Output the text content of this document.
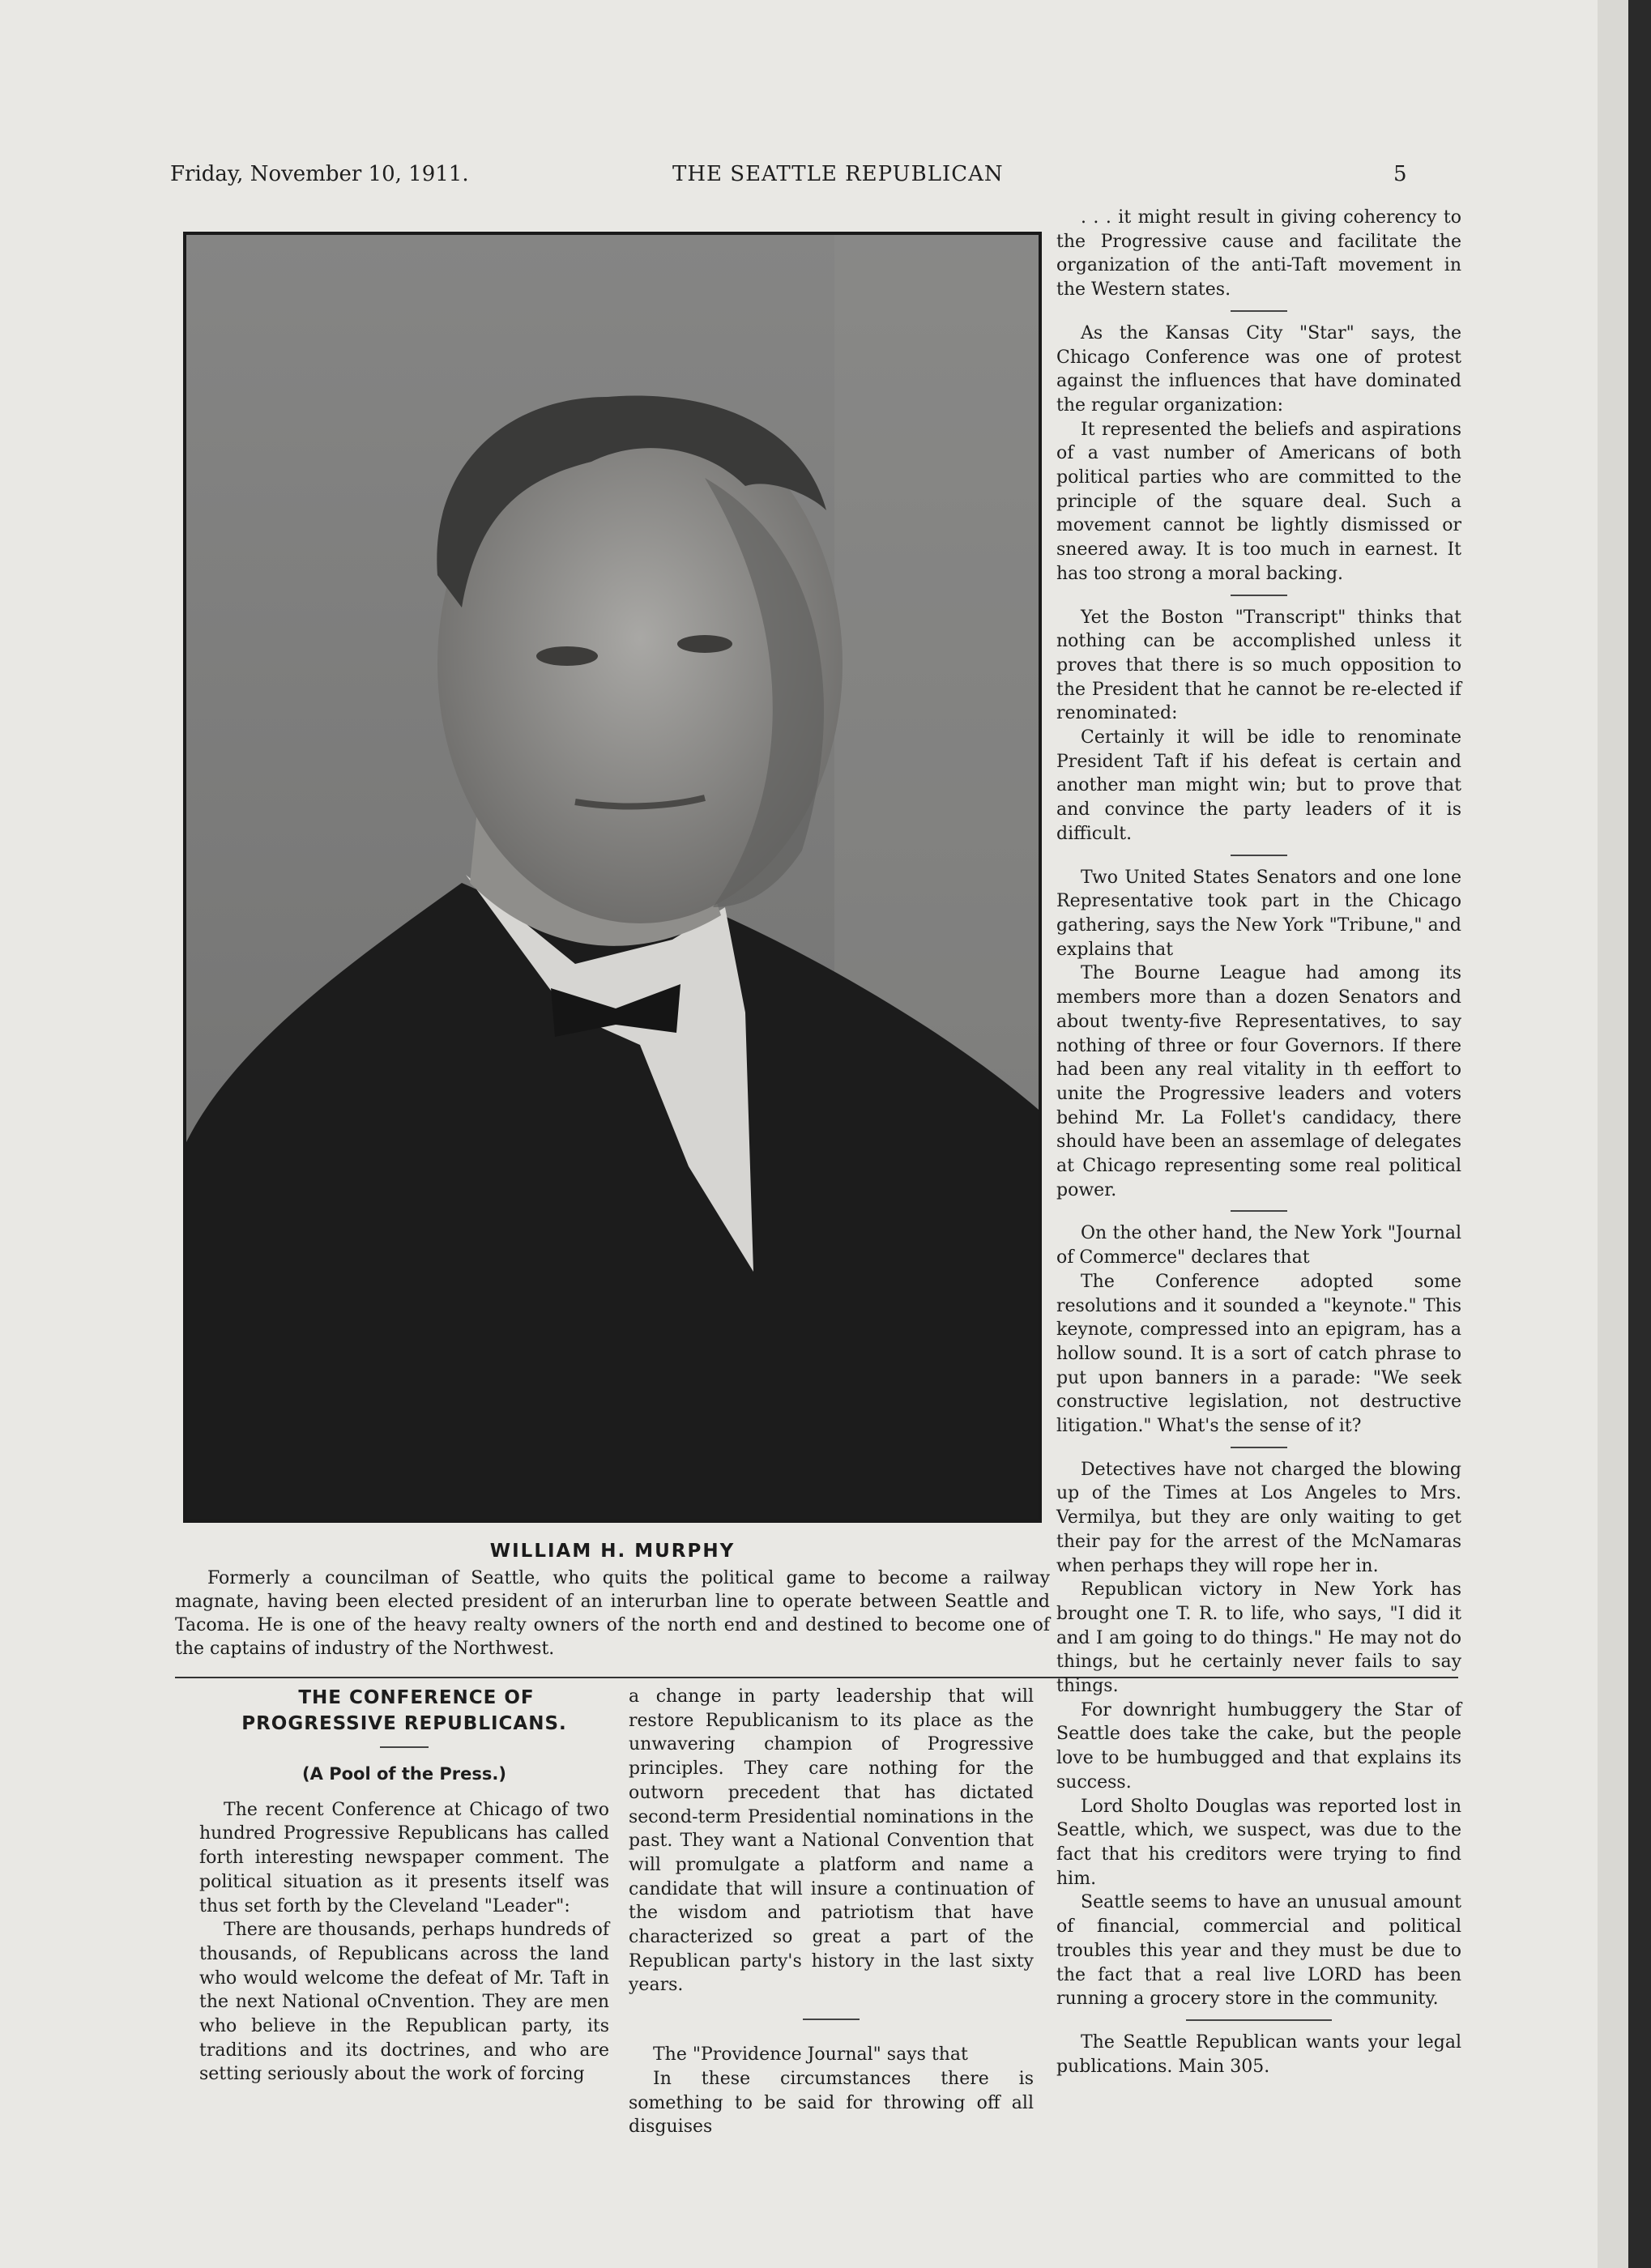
Friday, November 10, 1911.	THE SEATTLE REPUBLICAN	5
WILLIAM H. MURPHY
Formerly a councilman of Seattle, who quits the political game to become a railway magnate, having been elected president of an interurban line to operate between Seattle and Tacoma. He is one of the heavy realty owners of the north end and destined to become one of the captains of industry of the Northwest.

THE CONFERENCE OF PROGRESSIVE REPUBLICANS.

(A Pool of the Press.)

The recent Conference at Chicago of two hundred Progressive Republicans has called forth interesting newspaper comment. The political situation as it presents itself was thus set forth by the Cleveland "Leader":

There are thousands, perhaps hundreds of thousands, of Republicans across the land who would welcome the defeat of Mr. Taft in the next National oCnvention. They are men who believe in the Republican party, its traditions and its doctrines, and who are setting seriously about the work of forcing

a change in party leadership that will restore Republicanism to its place as the unwavering champion of Progressive principles. They care nothing for the outworn precedent that has dictated second-term Presidential nominations in the past. They want a National Convention that will promulgate a platform and name a candidate that will insure a continuation of the wisdom and patriotism that have characterized so great a part of the Republican party's history in the last sixty years.

The "Providence Journal" says that

In these circumstances there is something to be said for throwing off all disguises

. . . it might result in giving coherency to the Progressive cause and facilitate the organization of the anti-Taft movement in the Western states.

As the Kansas City "Star" says, the Chicago Conference was one of protest against the influences that have dominated the regular organization:

It represented the beliefs and aspirations of a vast number of Americans of both political parties who are committed to the principle of the square deal. Such a movement cannot be lightly dismissed or sneered away. It is too much in earnest. It has too strong a moral backing.

Yet the Boston "Transcript" thinks that nothing can be accomplished unless it proves that there is so much opposition to the President that he cannot be re-elected if renominated:

Certainly it will be idle to renominate President Taft if his defeat is certain and another man might win; but to prove that and convince the party leaders of it is difficult.

Two United States Senators and one lone Representative took part in the Chicago gathering, says the New York "Tribune," and explains that

The Bourne League had among its members more than a dozen Senators and about twenty-five Representatives, to say nothing of three or four Governors. If there had been any real vitality in th eeffort to unite the Progressive leaders and voters behind Mr. La Follet's candidacy, there should have been an assemlage of delegates at Chicago representing some real political power.

On the other hand, the New York "Journal of Commerce" declares that

The Conference adopted some resolutions and it sounded a "keynote." This keynote, compressed into an epigram, has a hollow sound. It is a sort of catch phrase to put upon banners in a parade: "We seek constructive legislation, not destructive litigation." What's the sense of it?

Detectives have not charged the blowing up of the Times at Los Angeles to Mrs. Vermilya, but they are only waiting to get their pay for the arrest of the McNamaras when perhaps they will rope her in.

Republican victory in New York has brought one T. R. to life, who says, "I did it and I am going to do things." He may not do things, but he certainly never fails to say things.

For downright humbuggery the Star of Seattle does take the cake, but the people love to be humbugged and that explains its success.

Lord Sholto Douglas was reported lost in Seattle, which, we suspect, was due to the fact that his creditors were trying to find him.

Seattle seems to have an unusual amount of financial, commercial and political troubles this year and they must be due to the fact that a real live LORD has been running a grocery store in the community.

The Seattle Republican wants your legal publications. Main 305.
